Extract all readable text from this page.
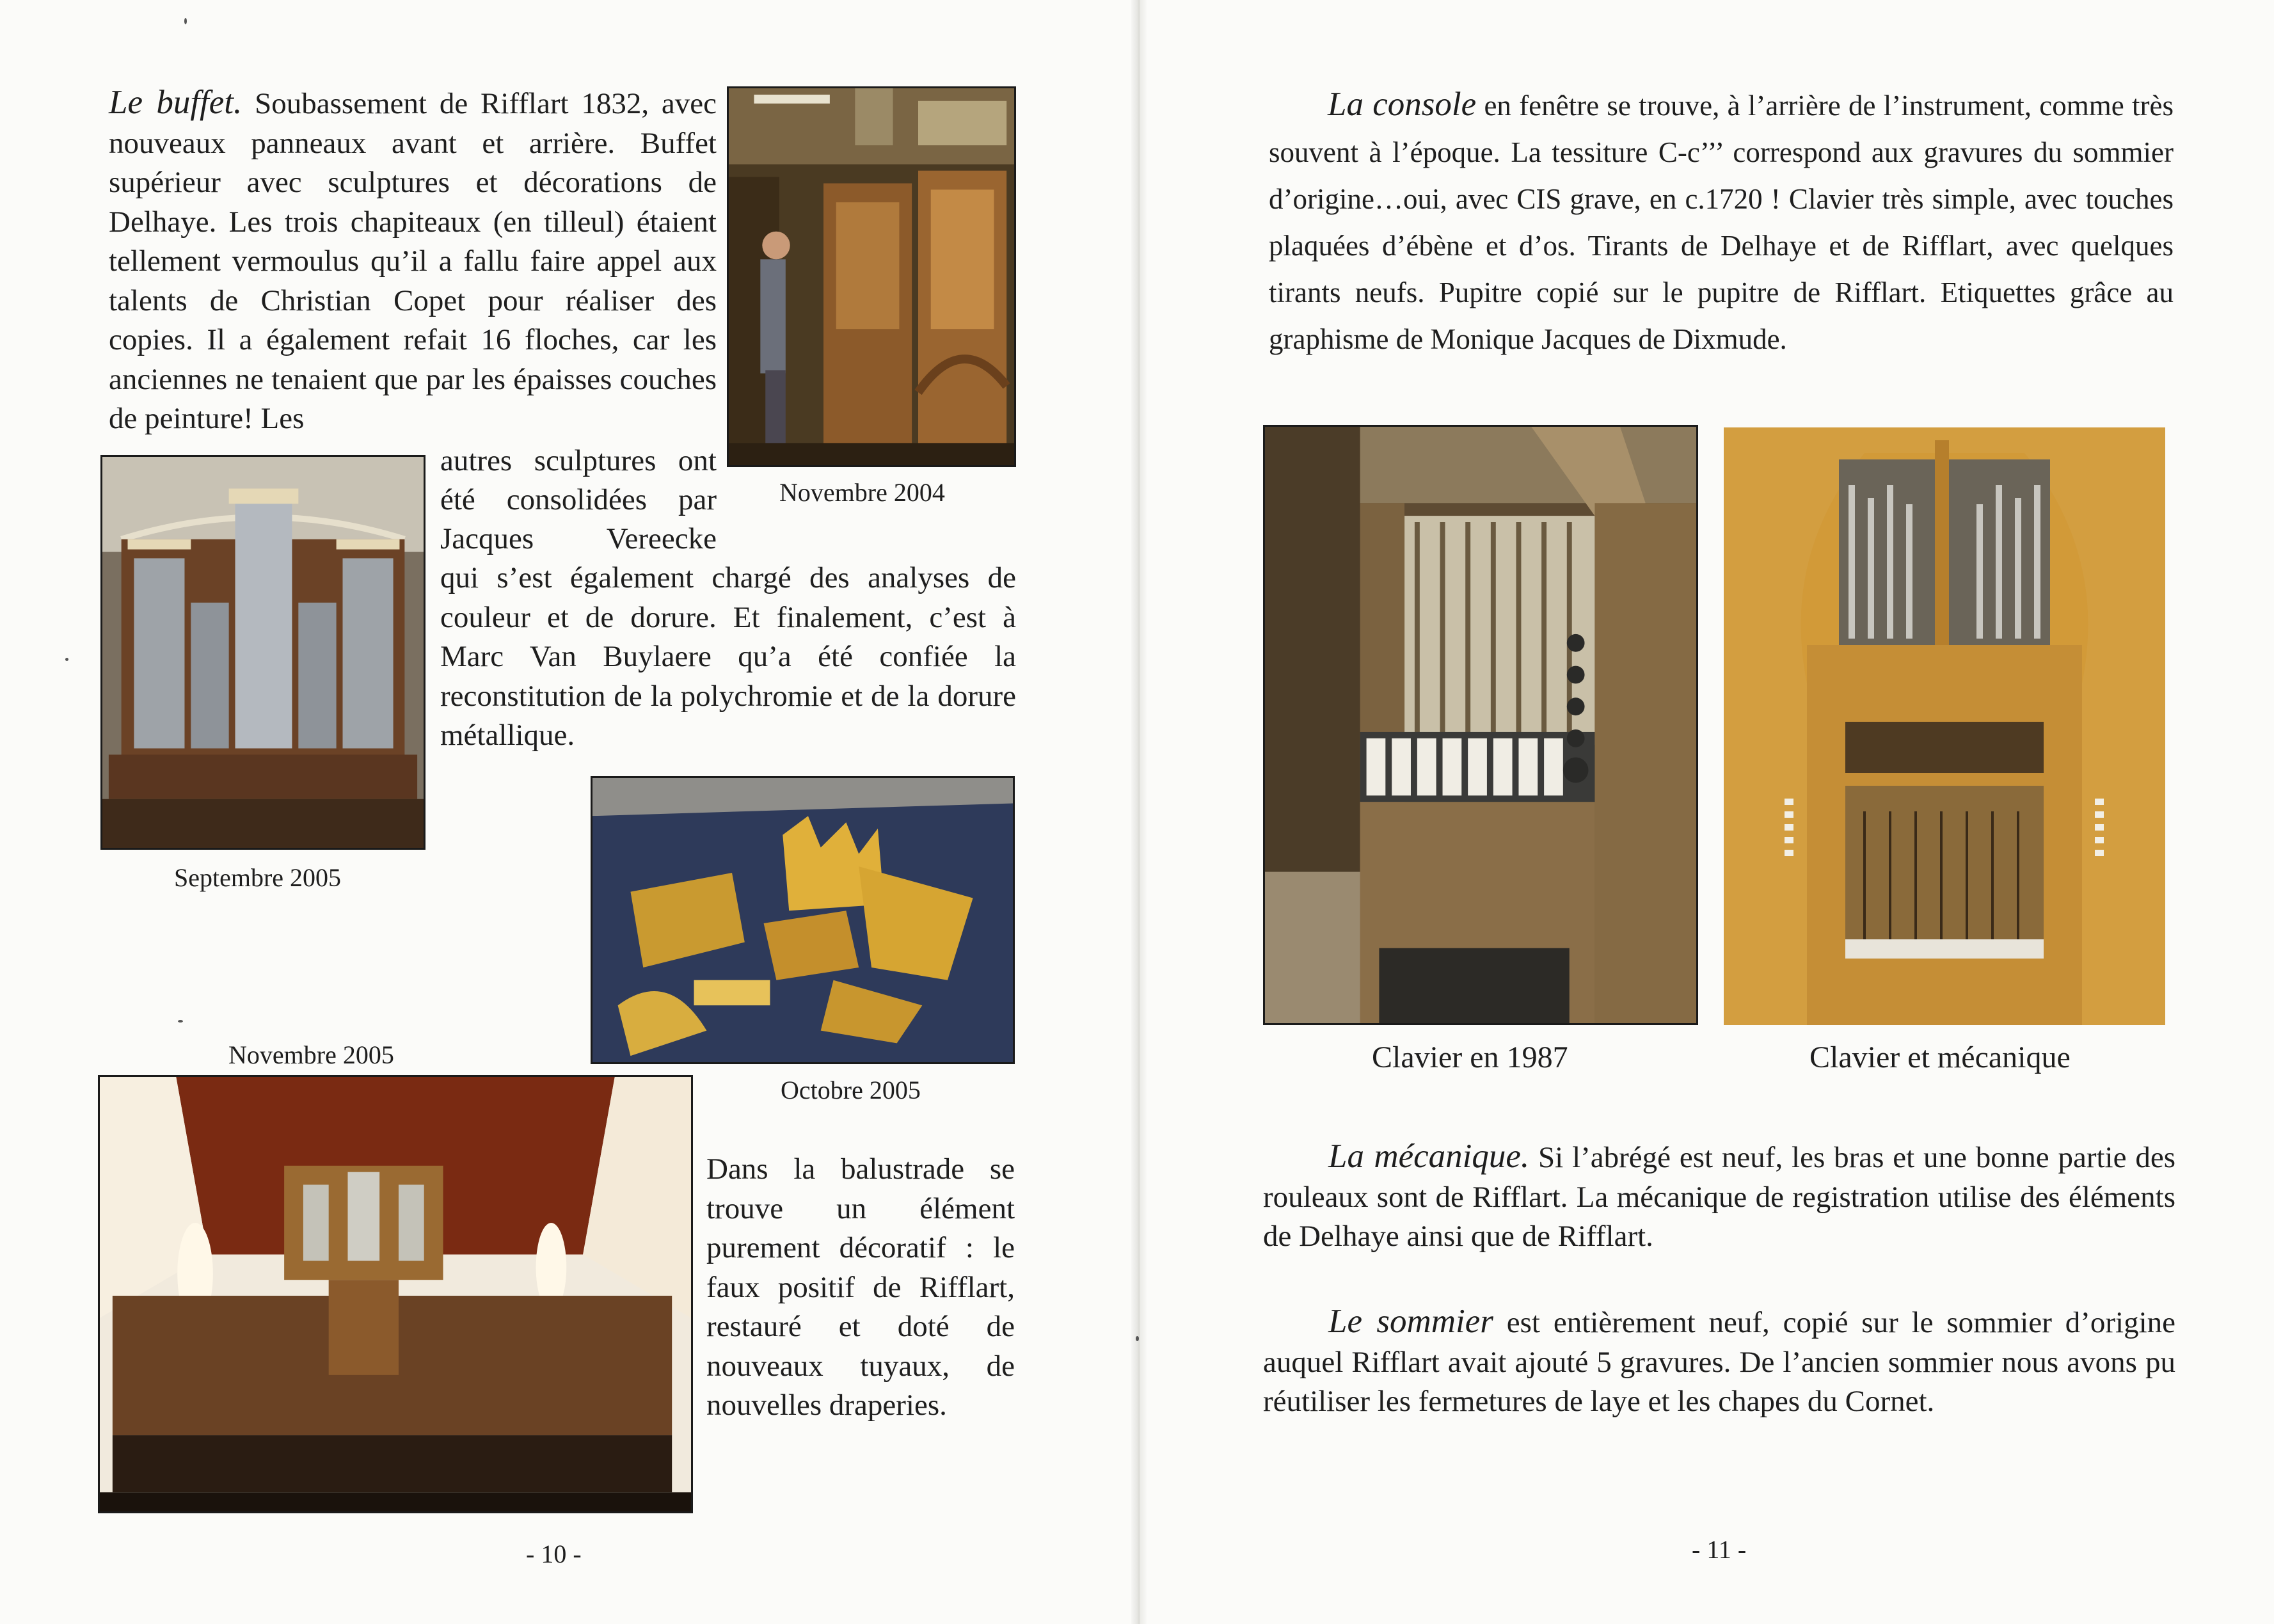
Novembre 2004
Septembre 2005
Le buffet. Soubassement de Rifflart 1832, avec nouveaux panneaux avant et arrière. Buffet supérieur avec sculptures et décorations de Delhaye. Les trois chapiteaux (en tilleul) étaient tellement vermoulus qu’il a fallu faire appel aux talents de Christian Copet pour réaliser des copies. Il a également refait 16 floches, car les anciennes ne tenaient que par les épaisses couches de peinture! Les
autres sculptures ont
été consolidées par
Jacques Vereecke
qui s’est également chargé des analyses de couleur et de dorure. Et finalement, c’est à Marc Van Buylaere qu’a été confiée la reconstitution de la polychromie et de la dorure métallique.
Octobre 2005
Novembre 2005
Dans la balustrade se trouve un élément purement décoratif : le faux positif de Rifflart, restauré et doté de nouveaux tuyaux, de nouvelles draperies.
- 10 -
La console en fenêtre se trouve, à l’arrière de l’instrument, comme très souvent à l’époque. La tessiture C-c’’’ correspond aux gravures du sommier d’origine…oui, avec CIS grave, en c.1720 ! Clavier très simple, avec touches plaquées d’ébène et d’os. Tirants de Delhaye et de Rifflart, avec quelques tirants neufs. Pupitre copié sur le pupitre de Rifflart. Etiquettes grâce au graphisme de Monique Jacques de Dixmude.
Clavier en 1987	Clavier et mécanique
La mécanique. Si l’abrégé est neuf, les bras et une bonne partie des rouleaux sont de Rifflart. La mécanique de registration utilise des éléments de Delhaye ainsi que de Rifflart.
Le sommier est entièrement neuf, copié sur le sommier d’origine auquel Rifflart avait ajouté 5 gravures. De l’ancien sommier nous avons pu réutiliser les fermetures de laye et les chapes du Cornet.
- 11 -
